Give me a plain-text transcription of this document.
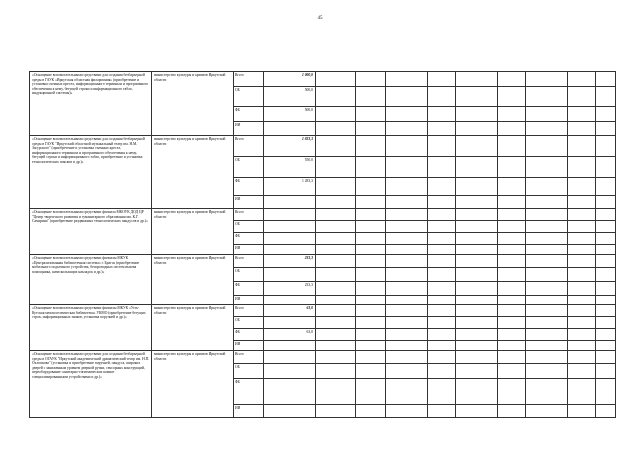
45
«Оснащение вспомогательными средствами для создания безбарьерной среды в ГАУК «Иркутская областная филармония» (приобретение и установка съемных пресел, информационного терминала и программного обеспечения к нему, бегущей строки и информационного табло, индукционной системы)»	министерство культуры и архивов Иркутской области	Всего	1 000,0									
		ОБ	500,0									
		ФБ	500,0									
		ИИ										
«Оснащение вспомогательными средствами для создания безбарьерной среды в ГАУК "Иркутский областной музыкальный театр им. Н.М. Загурского" (приобретение и установка съемных кресел, информационного терминала и программного обеспечения к нему, бегущей строки и информационного табло, приобретение и установка технологических поясков и др.)»	министерство культуры и архивов Иркутской области	Всего	1 833,3									
		ОБ	550,0									
		ФБ	1 283,3									
		ИИ										
«Оснащение вспомогательными средствами филиала МКОУК ДОД ЦР "Центр творческого развития и гуманитарного образования им. К.Г. Самарина" (приобретение раздвижных технологических пандусов и др.)»	министерство культуры и архивов Иркутской области	Всего										
		ОБ										
		ФБ										
		ИИ										
«Оснащение вспомогательными средствами филиалы МКУК «Централизованная библиотечная система» г. Братск (приобретение мобильного подъемного устройства, беспроводных систем вызова помощника, антискользящих накладок и др.)»	министерство культуры и архивов Иркутской области	Всего	233,3									
		ОБ										
		ФБ	233,3									
		ИИ										
«Оснащение вспомогательными средствами филиалы МКУК «Усть-Кутская межпоселенческая библиотека» УКМО (приобретение бегущих строк, информационных знаков, установка поручней и др.)»	министерство культуры и архивов Иркутской области	Всего	63,0									
		ОБ										
		ФБ	63,0									
		ИИ										
«Оснащение вспомогательными средствами для создания безбарьерной среды в ОГАУК "Иркутский академический драматический театр им. Н.П. Охлопкова" (установка и приобретение поручней, пандуса, широких дверей с заниженным уровнем дверной ручки, сенсорных конструкций, переоборудование санитарно-гигиенических комнат специализированными устройствами и др.)»	министерство культуры и архивов Иркутской области	Всего										
		ОБ										
		ФБ										
		ИИ										
